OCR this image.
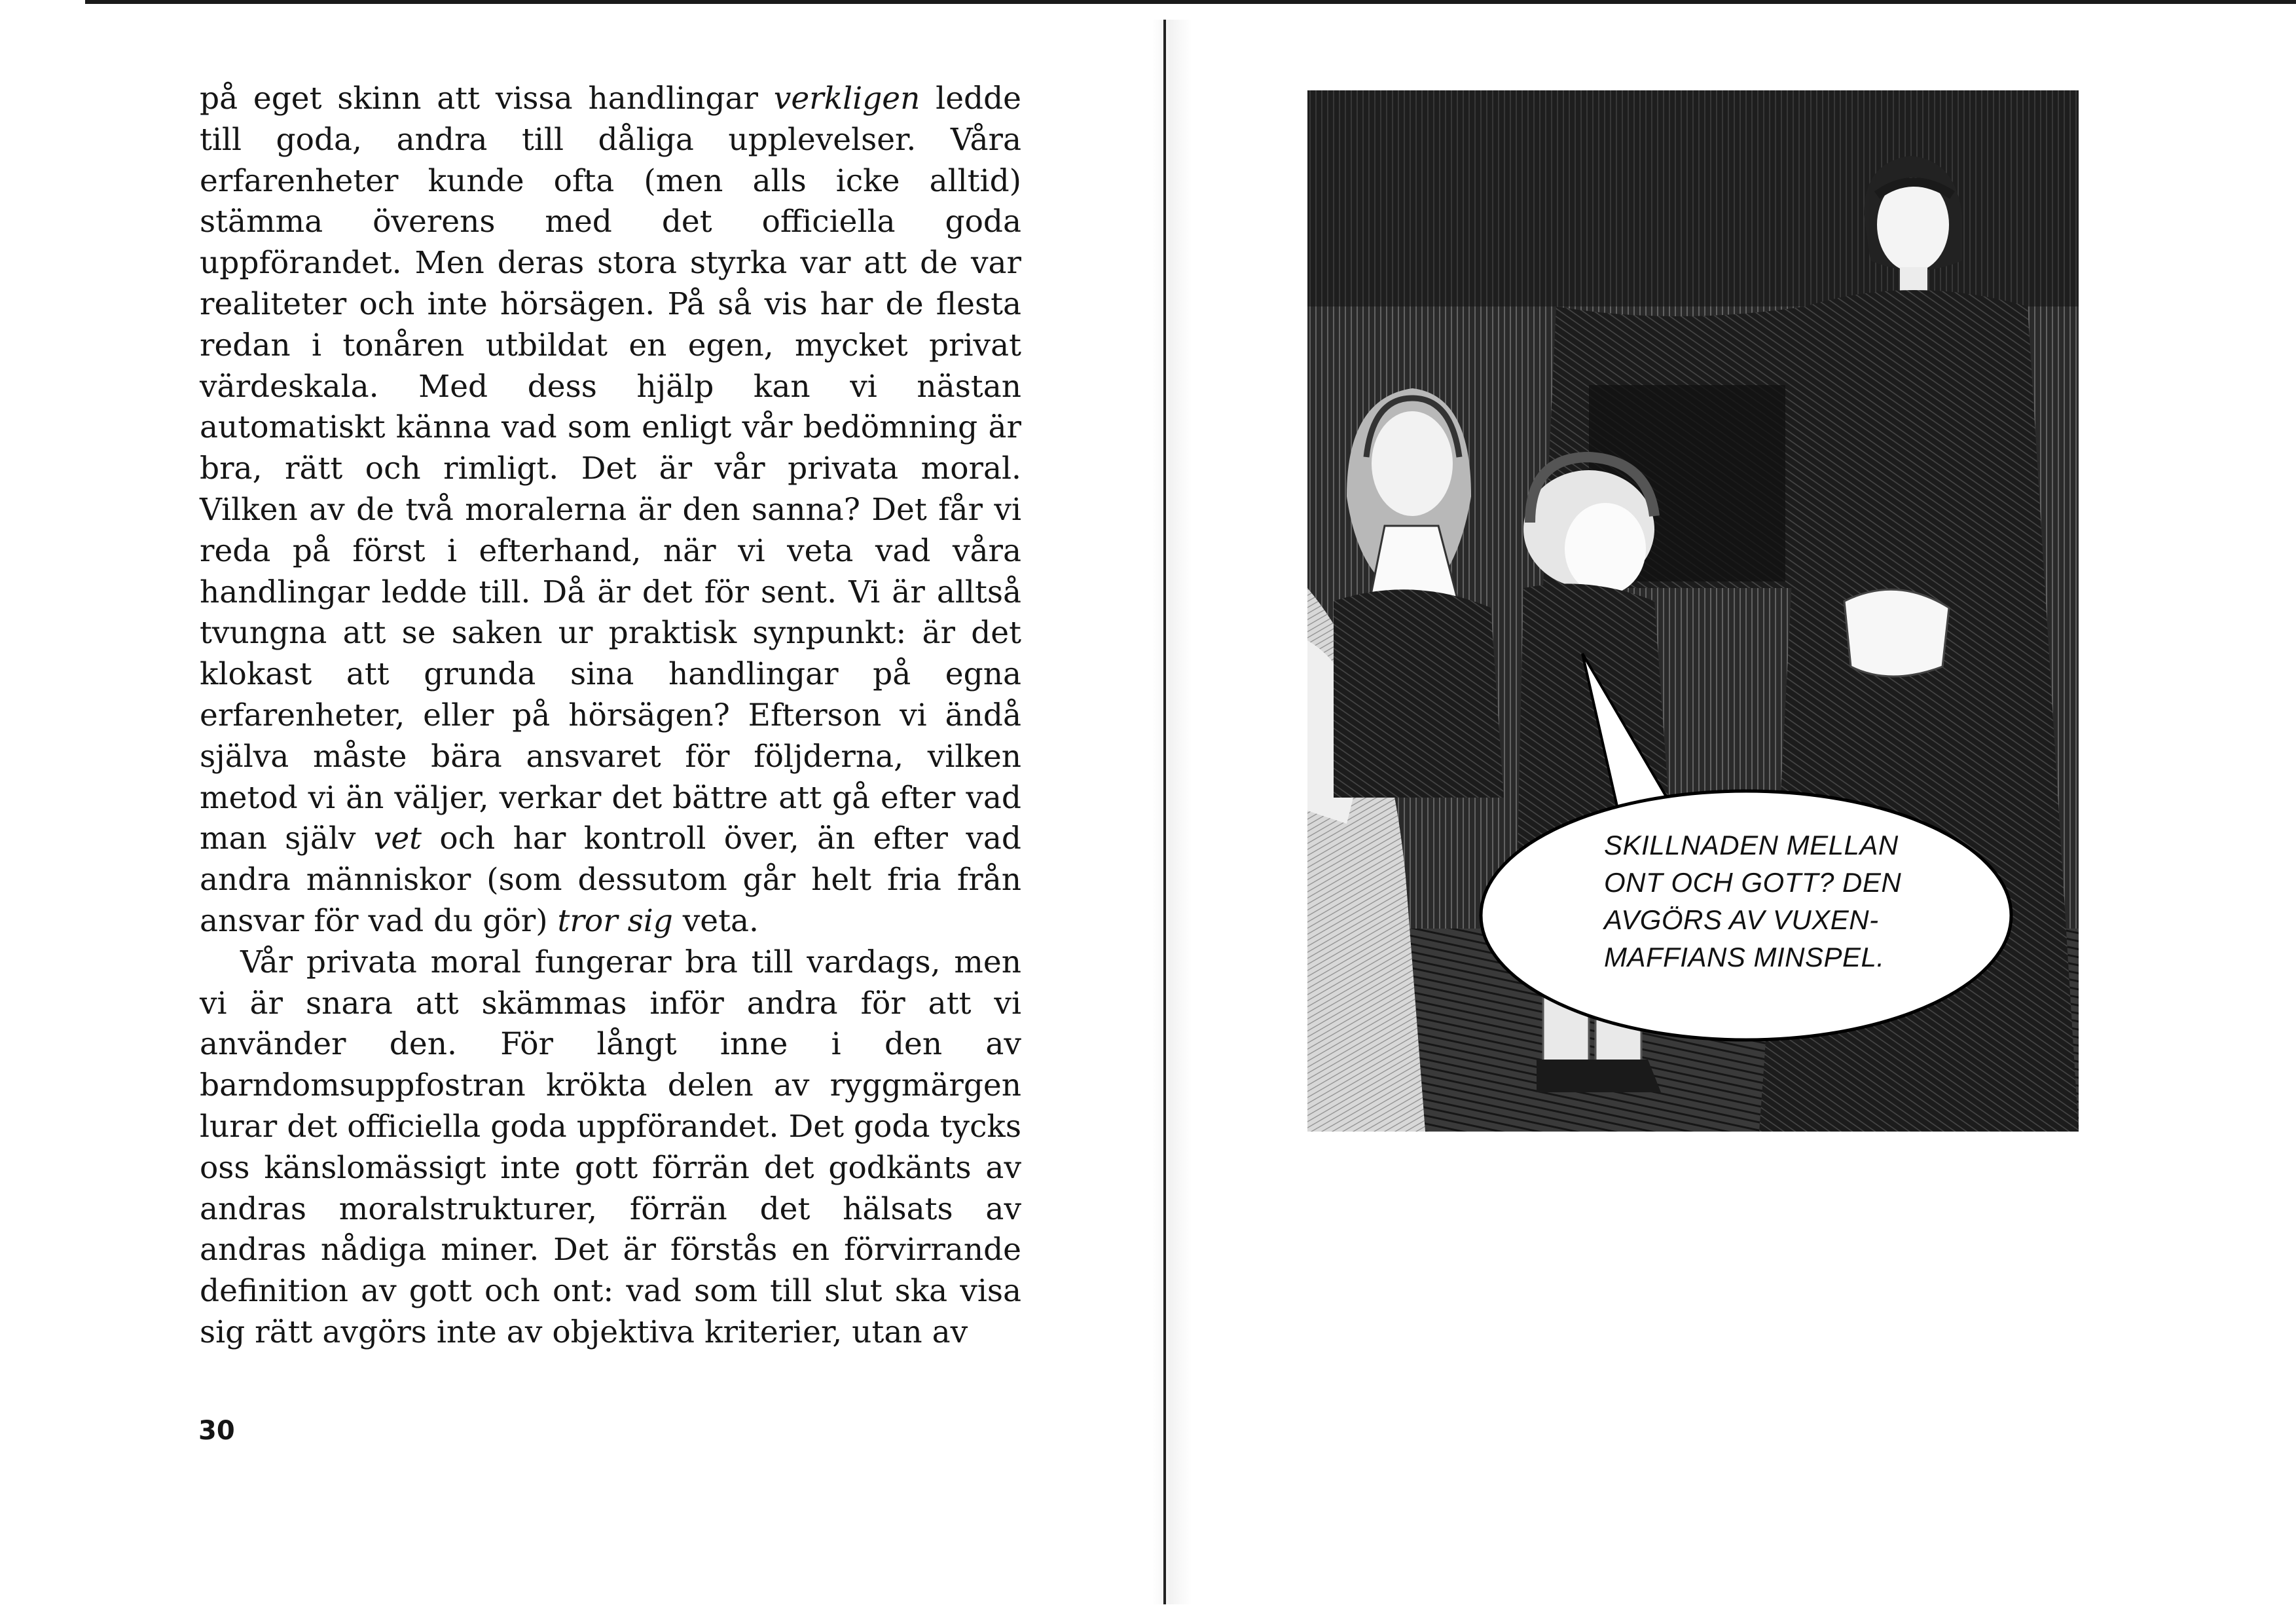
på eget skinn att vissa handlingar verkligen ledde till goda, andra till dåliga upplevelser. Våra erfarenheter kunde ofta (men alls icke alltid) stämma överens med det officiella goda uppförandet. Men deras stora styrka var att de var realiteter och inte hörsägen. På så vis har de flesta redan i tonåren utbildat en egen, mycket privat värdeskala. Med dess hjälp kan vi nästan automatiskt känna vad som enligt vår bedömning är bra, rätt och rimligt. Det är vår privata moral. Vilken av de två moralerna är den sanna? Det får vi reda på först i efterhand, när vi veta vad våra handlingar ledde till. Då är det för sent. Vi är alltså tvungna att se saken ur praktisk synpunkt: är det klokast att grunda sina handlingar på egna erfarenheter, eller på hörsägen? Efterson vi ändå själva måste bära ansvaret för följderna, vilken metod vi än väljer, verkar det bättre att gå efter vad man själv vet och har kontroll över, än efter vad andra människor (som dessutom går helt fria från ansvar för vad du gör) tror sig veta.

Vår privata moral fungerar bra till vardags, men vi är snara att skämmas inför andra för att vi använder den. För långt inne i den av barndomsuppfostran krökta delen av ryggmärgen lurar det officiella goda uppförandet. Det goda tycks oss känslomässigt inte gott förrän det godkänts av andras moralstrukturer, förrän det hälsats av andras nådiga miner. Det är förstås en förvirrande definition av gott och ont: vad som till slut ska visa sig rätt avgörs inte av objektiva kriterier, utan av

30
SKILLNADEN MELLAN
ONT OCH GOTT? DEN
AVGÖRS AV VUXEN-
MAFFIANS MINSPEL.
